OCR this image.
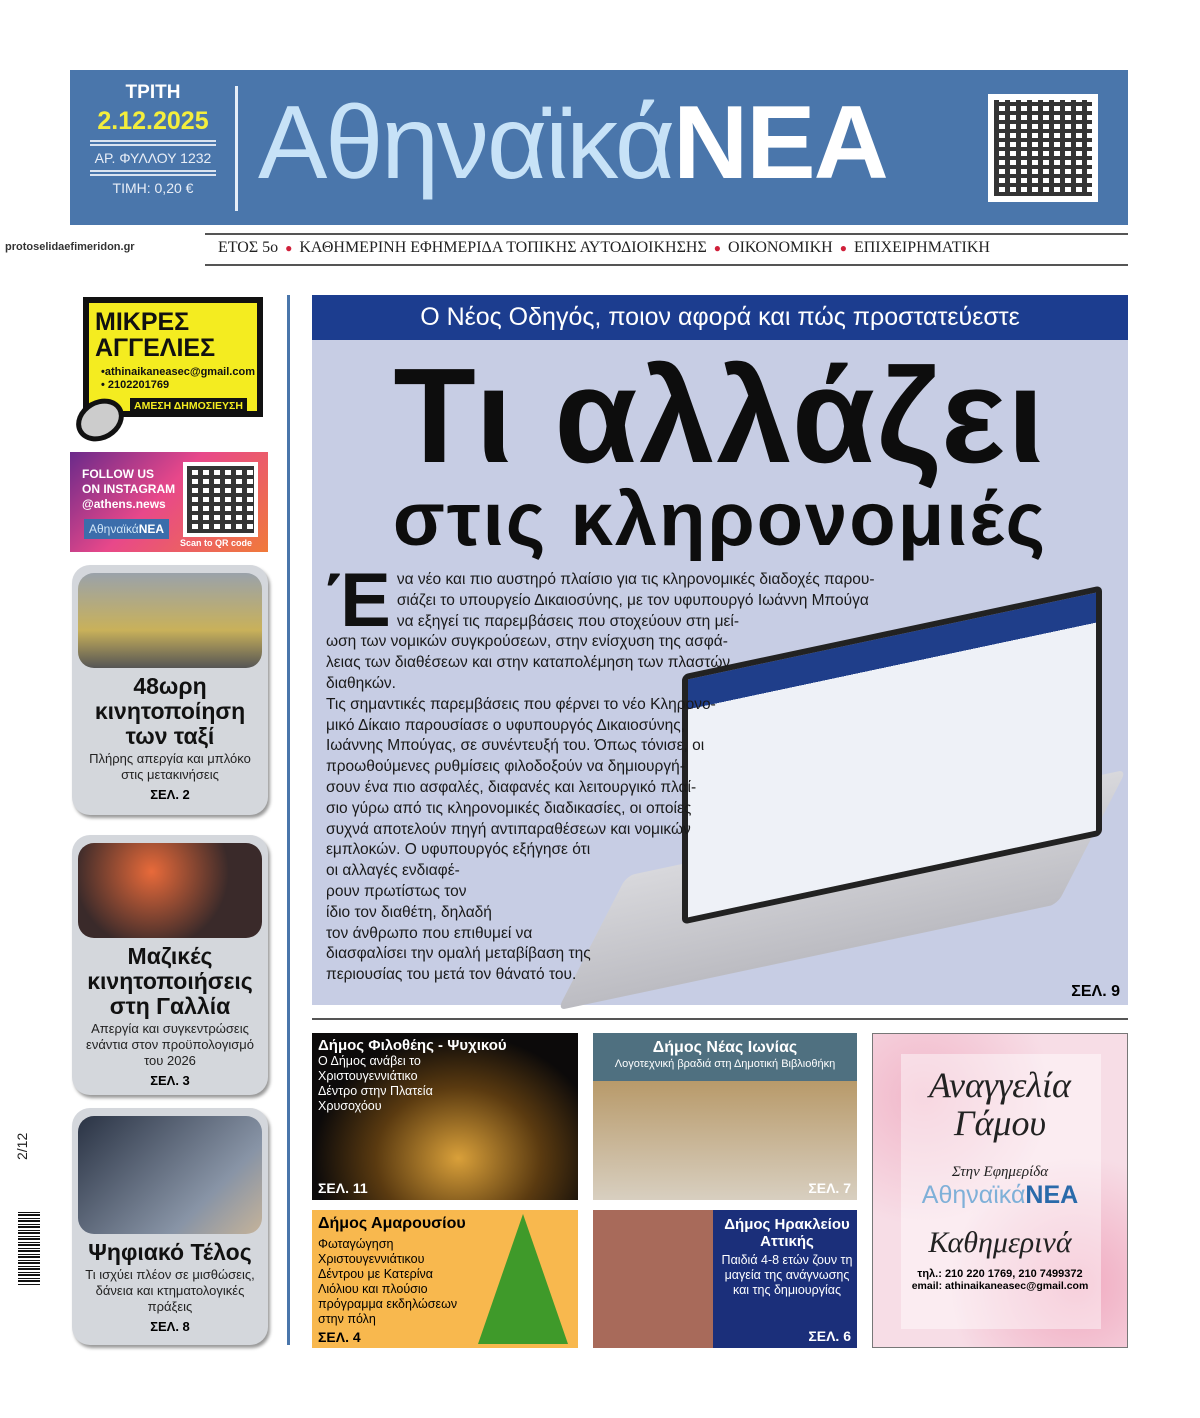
ΤΡΙΤΗ
2.12.2025
ΑΡ. ΦΥΛΛΟΥ 1232
ΤΙΜΗ: 0,20 € ΑθηναϊκάΝΕΑ
protoselidaefimeridon.gr	ΕΤΟΣ 5ο ● ΚΑΘΗΜΕΡΙΝΗ ΕΦΗΜΕΡΙΔΑ ΤΟΠΙΚΗΣ ΑΥΤΟΔΙΟΙΚΗΣΗΣ ● ΟΙΚΟΝΟΜΙΚΗ ● ΕΠΙΧΕΙΡΗΜΑΤΙΚΗ
ΜΙΚΡΕΣ
ΑΓΓΕΛΙΕΣ
•athinaikaneasec@gmail.com
• 2102201769
ΑΜΕΣΗ ΔΗΜΟΣΙΕΥΣΗ
FOLLOW US
ON INSTAGRAM
@athens.news
ΑθηναϊκάΝΕΑ
Scan to QR code
48ωρη κινητοποίηση των ταξί

Πλήρης απεργία και μπλόκο στις μετακινήσεις

ΣΕΛ. 2
Μαζικές κινητοποιήσεις στη Γαλλία

Απεργία και συγκεντρώσεις ενάντια στον προϋπολογισμό του 2026

ΣΕΛ. 3
Ψηφιακό Τέλος

Τι ισχύει πλέον σε μισθώσεις, δάνεια και κτηματολογικές πράξεις

ΣΕΛ. 8
2/12
Ο Νέος Οδηγός, ποιον αφορά και πώς προστατεύεστε
Τι αλλάζει
στις κληρονομιές
Έ να νέο και πιο αυστηρό πλαίσιο για τις κληρονομικές διαδοχές παρου-
σιάζει το υπουργείο Δικαιοσύνης, με τον υφυπουργό Ιωάννη Μπούγα
να εξηγεί τις παρεμβάσεις που στοχεύουν στη μεί-
ωση των νομικών συγκρούσεων, στην ενίσχυση της ασφά-
λειας των διαθέσεων και στην καταπολέμηση των πλαστών
διαθηκών.
Τις σημαντικές παρεμβάσεις που φέρνει το νέο Κληρονο-
μικό Δίκαιο παρουσίασε ο υφυπουργός Δικαιοσύνης,
Ιωάννης Μπούγας, σε συνέντευξή του. Όπως τόνισε, οι
προωθούμενες ρυθμίσεις φιλοδοξούν να δημιουργή-
σουν ένα πιο ασφαλές, διαφανές και λειτουργικό πλαί-
σιο γύρω από τις κληρονομικές διαδικασίες, οι οποίες
συχνά αποτελούν πηγή αντιπαραθέσεων και νομικών
εμπλοκών. Ο υφυπουργός εξήγησε ότι
οι αλλαγές ενδιαφέ-
ρουν πρωτίστως τον
ίδιο τον διαθέτη, δηλαδή
τον άνθρωπο που επιθυμεί να
διασφαλίσει την ομαλή μεταβίβαση της
περιουσίας του μετά τον θάνατό του.
ΣΕΛ. 9
Δήμος Φιλοθέης - Ψυχικού
Ο Δήμος ανάβει το Χριστουγεννιάτικο Δέντρο στην Πλατεία Χρυσοχόου
ΣΕΛ. 11
Δήμος Νέας Ιωνίας
Λογοτεχνική βραδιά στη Δημοτική Βιβλιοθήκη
ΣΕΛ. 7
Δήμος Αμαρουσίου
Φωταγώγηση Χριστουγεννιάτικου Δέντρου με Κατερίνα Λιόλιου και πλούσιο πρόγραμμα εκδηλώσεων στην πόλη
ΣΕΛ. 4
Δήμος Ηρακλείου Αττικής
Παιδιά 4-8 ετών ζουν τη μαγεία της ανάγνωσης και της δημιουργίας
ΣΕΛ. 6
Αναγγελία
Γάμου
Στην Εφημερίδα
ΑθηναϊκάΝΕΑ
Καθημερινά
τηλ.: 210 220 1769, 210 7499372
email: athinaikaneasec@gmail.com
